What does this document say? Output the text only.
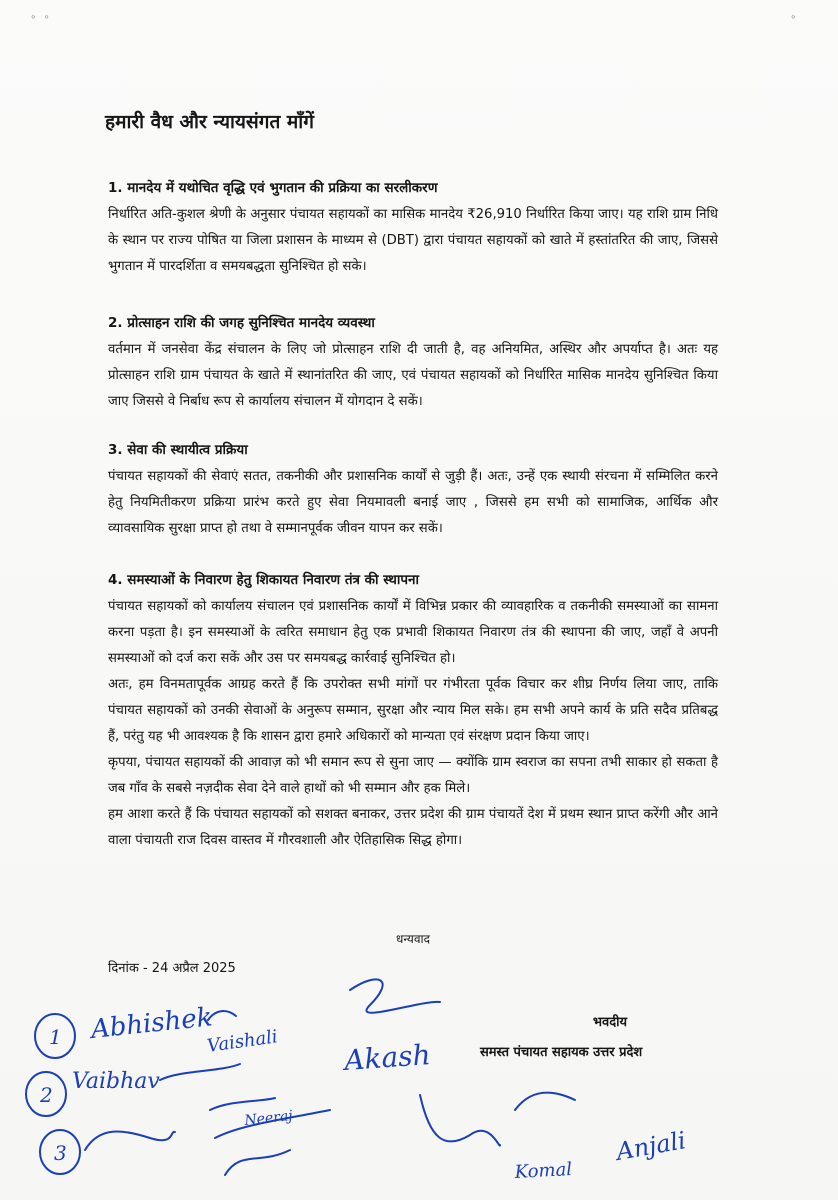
∘ ∘	∘
हमारी वैध और न्यायसंगत माँगें

1. मानदेय में यथोचित वृद्धि एवं भुगतान की प्रक्रिया का सरलीकरण

निर्धारित अति-कुशल श्रेणी के अनुसार पंचायत सहायकों का मासिक मानदेय ₹26,910 निर्धारित किया जाए। यह राशि ग्राम निधि के स्थान पर राज्य पोषित या जिला प्रशासन के माध्यम से (DBT) द्वारा पंचायत सहायकों को खाते में हस्तांतरित की जाए, जिससे भुगतान में पारदर्शिता व समयबद्धता सुनिश्चित हो सके।

2. प्रोत्साहन राशि की जगह सुनिश्चित मानदेय व्यवस्था

वर्तमान में जनसेवा केंद्र संचालन के लिए जो प्रोत्साहन राशि दी जाती है, वह अनियमित, अस्थिर और अपर्याप्त है। अतः यह प्रोत्साहन राशि ग्राम पंचायत के खाते में स्थानांतरित की जाए, एवं पंचायत सहायकों को निर्धारित मासिक मानदेय सुनिश्चित किया जाए जिससे वे निर्बाध रूप से कार्यालय संचालन में योगदान दे सकें।

3. सेवा की स्थायीत्व प्रक्रिया

पंचायत सहायकों की सेवाएं सतत, तकनीकी और प्रशासनिक कार्यों से जुड़ी हैं। अतः, उन्हें एक स्थायी संरचना में सम्मिलित करने हेतु नियमितीकरण प्रक्रिया प्रारंभ करते हुए सेवा नियमावली बनाई जाए , जिससे हम सभी को सामाजिक, आर्थिक और व्यावसायिक सुरक्षा प्राप्त हो तथा वे सम्मानपूर्वक जीवन यापन कर सकें।

4. समस्याओं के निवारण हेतु शिकायत निवारण तंत्र की स्थापना

पंचायत सहायकों को कार्यालय संचालन एवं प्रशासनिक कार्यों में विभिन्न प्रकार की व्यावहारिक व तकनीकी समस्याओं का सामना करना पड़ता है। इन समस्याओं के त्वरित समाधान हेतु एक प्रभावी शिकायत निवारण तंत्र की स्थापना की जाए, जहाँ वे अपनी समस्याओं को दर्ज करा सकें और उस पर समयबद्ध कार्रवाई सुनिश्चित हो।

अतः, हम विनमतापूर्वक आग्रह करते हैं कि उपरोक्त सभी मांगों पर गंभीरता पूर्वक विचार कर शीघ्र निर्णय लिया जाए, ताकि पंचायत सहायकों को उनकी सेवाओं के अनुरूप सम्मान, सुरक्षा और न्याय मिल सके। हम सभी अपने कार्य के प्रति सदैव प्रतिबद्ध हैं, परंतु यह भी आवश्यक है कि शासन द्वारा हमारे अधिकारों को मान्यता एवं संरक्षण प्रदान किया जाए।

कृपया, पंचायत सहायकों की आवाज़ को भी समान रूप से सुना जाए — क्योंकि ग्राम स्वराज का सपना तभी साकार हो सकता है जब गाँव के सबसे नज़दीक सेवा देने वाले हाथों को भी सम्मान और हक मिले।

हम आशा करते हैं कि पंचायत सहायकों को सशक्त बनाकर, उत्तर प्रदेश की ग्राम पंचायतें देश में प्रथम स्थान प्राप्त करेंगी और आने वाला पंचायती राज दिवस वास्तव में गौरवशाली और ऐतिहासिक सिद्ध होगा।

धन्यवाद
दिनांक - 24 अप्रैल 2025

भवदीय

समस्त पंचायत सहायक उत्तर प्रदेश

1
2
3
Abhishek
Vaibhav
Vaishali Akash
Komal
Anjali
Neeraj
